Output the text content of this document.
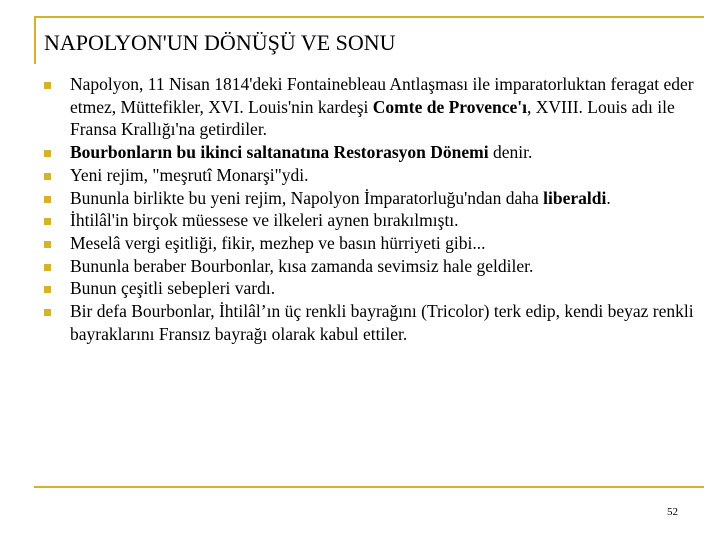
NAPOLYON'UN DÖNÜŞÜ VE SONU
Napolyon, 11 Nisan 1814'deki Fontainebleau Antlaşması ile imparatorluktan feragat eder etmez, Müttefikler, XVI. Louis'nin kardeşi Comte de Provence'ı, XVIII. Louis adı ile Fransa Krallığı'na getirdiler.
Bourbonların bu ikinci saltanatına Restorasyon Dönemi denir.
Yeni rejim, "meşrutî Monarşi"ydi.
Bununla birlikte bu yeni rejim, Napolyon İmparatorluğu'ndan daha liberaldi.
İhtilâl'in birçok müessese ve ilkeleri aynen bırakılmıştı.
Meselâ vergi eşitliği, fikir, mezhep ve basın hürriyeti gibi...
Bununla beraber Bourbonlar, kısa zamanda sevimsiz hale geldiler.
Bunun çeşitli sebepleri vardı.
Bir defa Bourbonlar, İhtilâl’ın üç renkli bayrağını (Tricolor) terk edip, kendi beyaz renkli bayraklarını Fransız bayrağı olarak kabul ettiler.
52
